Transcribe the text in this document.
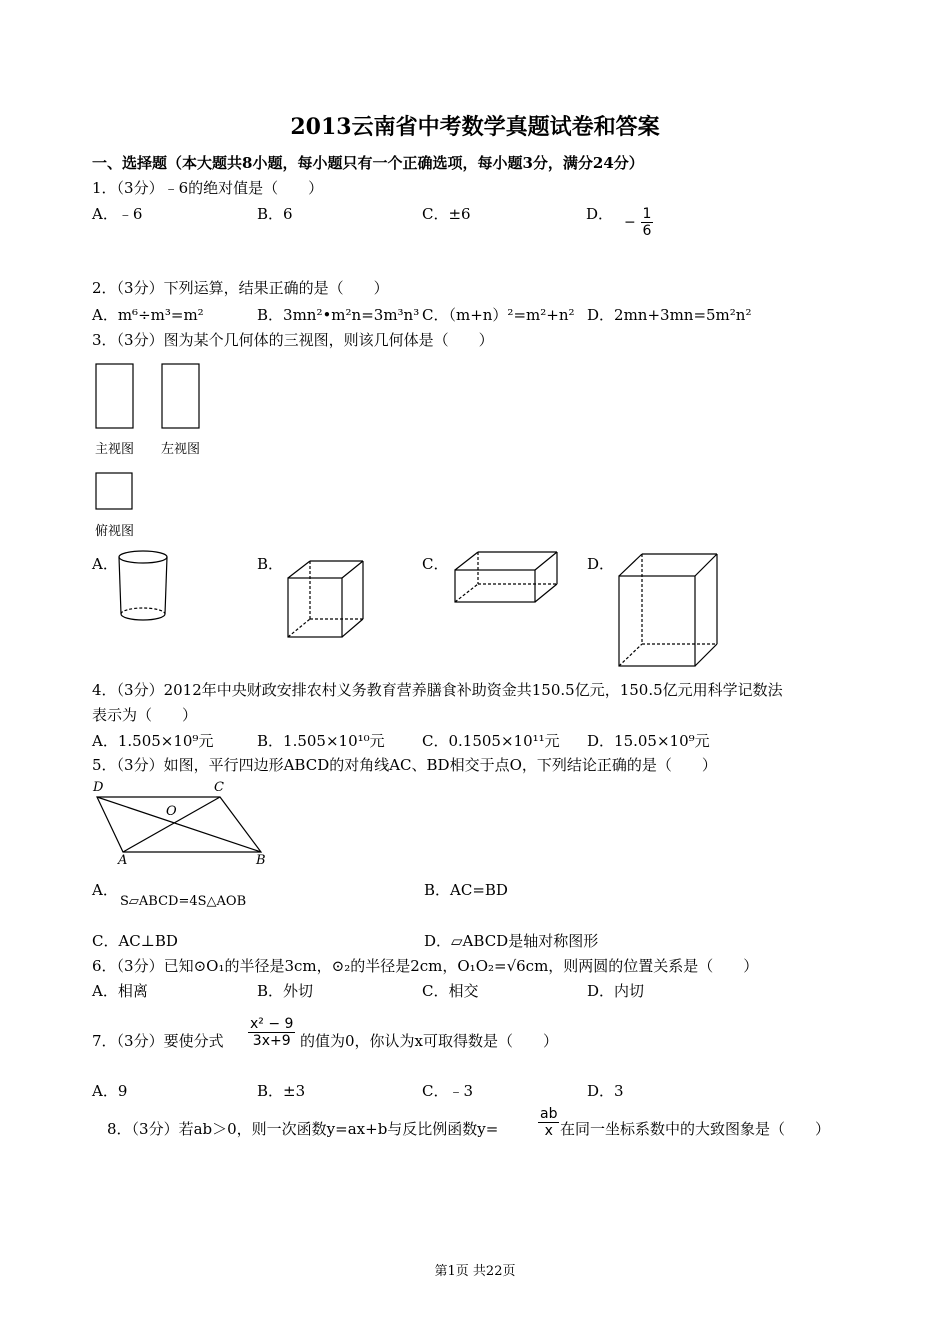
2013云南省中考数学真题试卷和答案
一、选择题（本大题共8小题，每小题只有一个正确选项，每小题3分，满分24分）
1．（3分）﹣6的绝对值是（　　）
A．﹣6	B．6	C．±6	D． − $\frac{1}{6}$
2．（3分）下列运算，结果正确的是（　　）
A．m⁶÷m³=m²	B．3mn²•m²n=3m³n³ C．（m+n）²=m²+n² D．2mn+3mn=5m²n²
3．（3分）图为某个几何体的三视图，则该几何体是（　　）
主视图 左视图
俯视图
A．	B．	C．	D．
4．（3分）2012年中央财政安排农村义务教育营养膳食补助资金共150.5亿元，150.5亿元用科学记数法
表示为（　　）
A．1.505×10⁹元	B．1.505×10¹⁰元 C．0.1505×10¹¹元 D．15.05×10⁹元
5．（3分）如图，平行四边形ABCD的对角线AC、BD相交于点O，下列结论正确的是（　　）
D	C
O
A	B
A．
S▱ABCD=4S△AOB
B．AC=BD
C．AC⊥BD	D．▱ABCD是轴对称图形
6．（3分）已知⊙O₁的半径是3cm，⊙₂的半径是2cm，O₁O₂=√6cm，则两圆的位置关系是（　　）
A．相离	B．外切	C．相交	D．内切
7．（3分）要使分式 $\frac{\text{x² − 9}}{3x+9}$ 的值为0，你认为x可取得数是（　　）
A．9	B．±3	C．﹣3	D．3
8．（3分）若ab＞0，则一次函数y=ax+b与反比例函数y=	$\frac{ab}{x}$ 在同一坐标系数中的大致图象是（　　）
第1页 共22页
